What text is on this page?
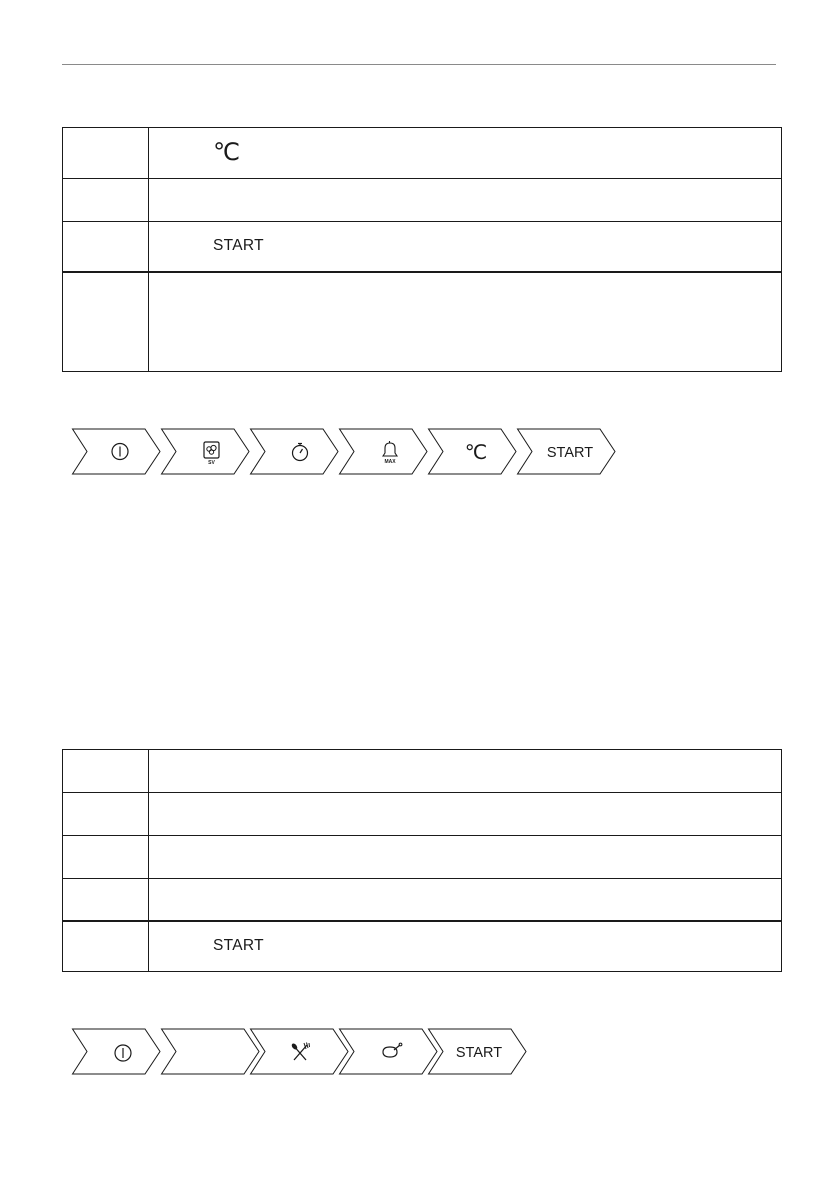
	℃

	START

SV	MAX	℃	START

	START
START
